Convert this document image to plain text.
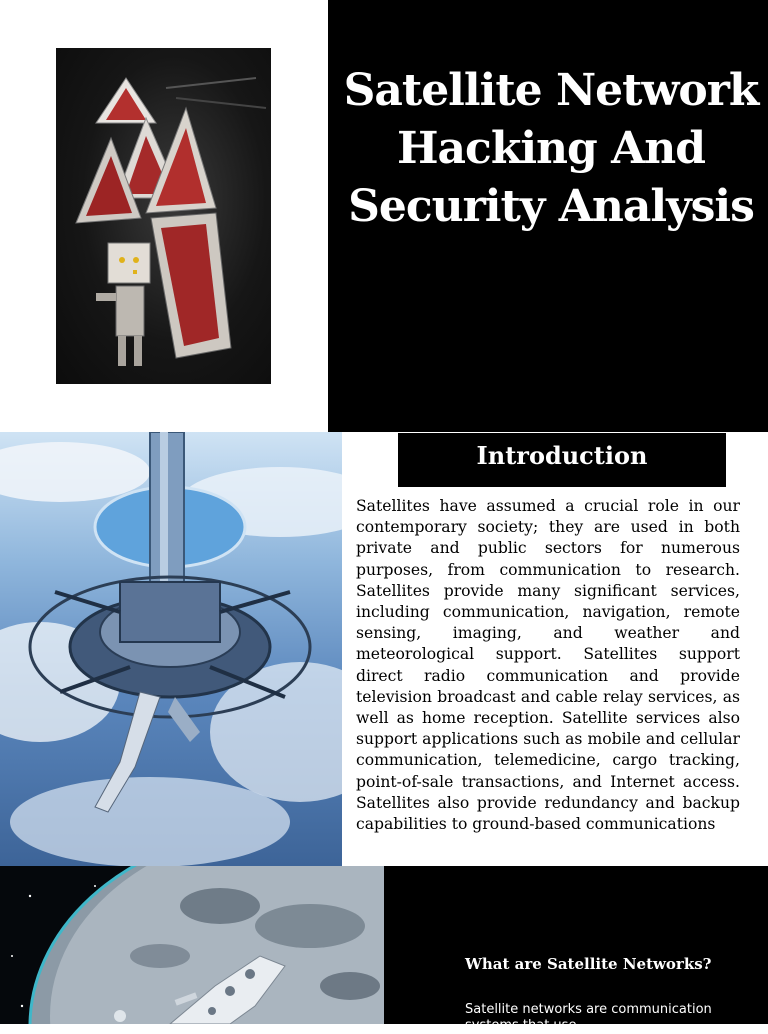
Satellite Network Hacking And Security Analysis
Introduction
Satellites have assumed a crucial role in our contemporary society; they are used in both private and public sectors for numerous purposes, from communication to research. Satellites provide many significant services, including communication, navigation, remote sensing, imaging, and weather and meteorological support. Satellites support direct radio communication and provide television broadcast and cable relay services, as well as home reception. Satellite services also support applications such as mobile and cellular communication, telemedicine, cargo tracking, point-of-sale transactions, and Internet access. Satellites also provide redundancy and backup capabilities to ground-based communications
What are Satellite Networks?
Satellite networks are communication systems that use
